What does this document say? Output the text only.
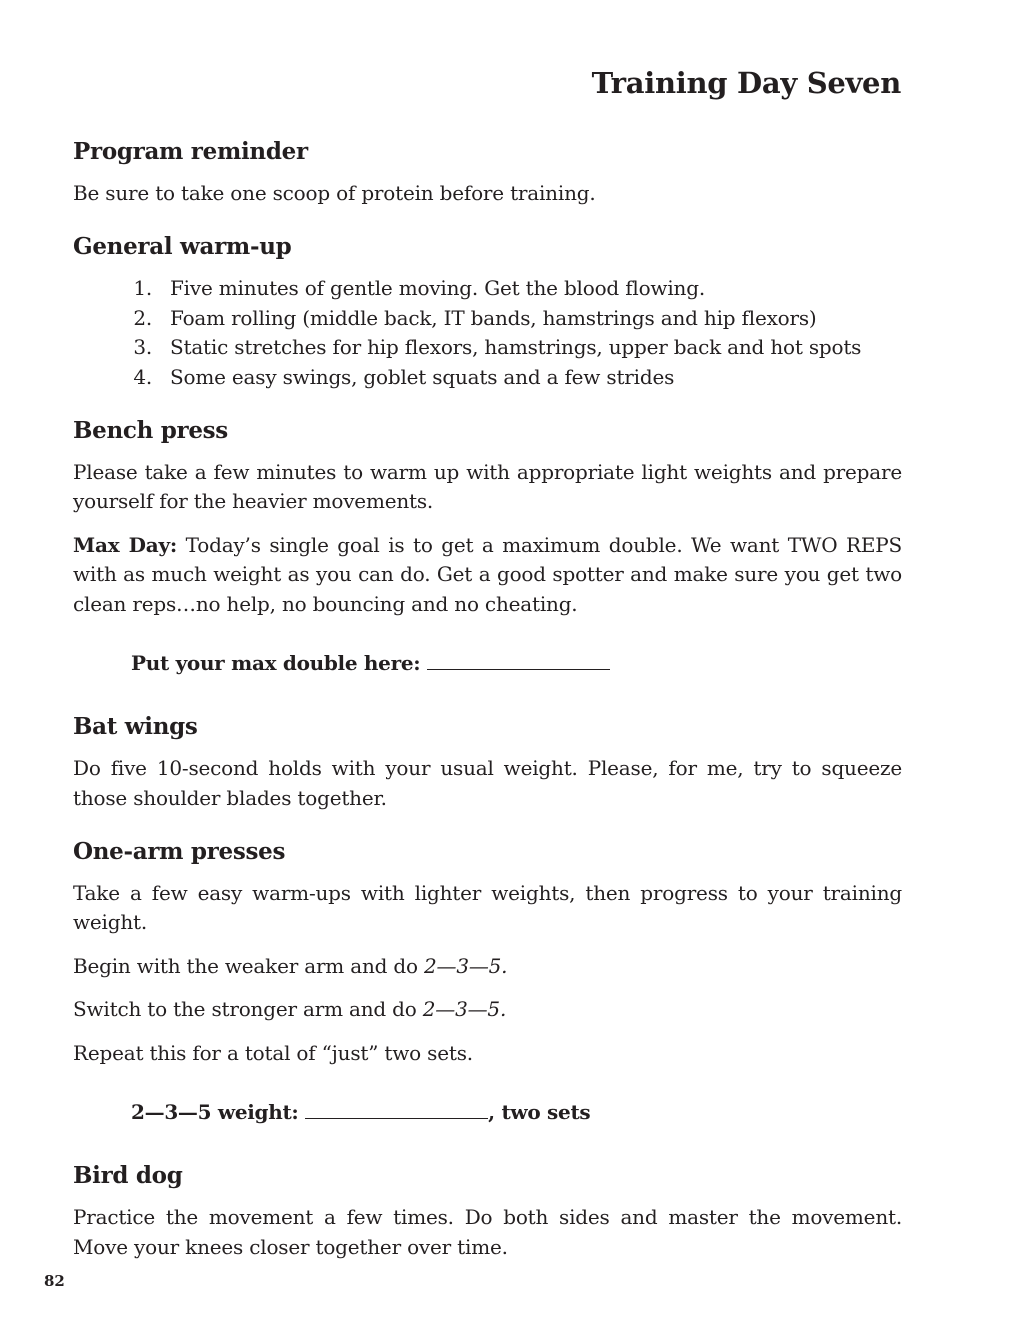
Training Day Seven
Program reminder

Be sure to take one scoop of protein before training.

General warm-up
1. Five minutes of gentle moving. Get the blood flowing.
2. Foam rolling (middle back, IT bands, hamstrings and hip flexors)
3. Static stretches for hip flexors, hamstrings, upper back and hot spots
4. Some easy swings, goblet squats and a few strides
Bench press

Please take a few minutes to warm up with appropriate light weights and prepare yourself for the heavier movements.

Max Day: Today’s single goal is to get a maximum double. We want TWO REPS with as much weight as you can do. Get a good spotter and make sure you get two clean reps…no help, no bouncing and no cheating.

Put your max double here:
Bat wings

Do five 10-second holds with your usual weight. Please, for me, try to squeeze those shoulder blades together.

One-arm presses

Take a few easy warm-ups with lighter weights, then progress to your training weight.

Begin with the weaker arm and do 2—3—5.

Switch to the stronger arm and do 2—3—5.

Repeat this for a total of “just” two sets.

2—3—5 weight:	, two sets
Bird dog

Practice the movement a few times. Do both sides and master the movement. Move your knees closer together over time.

82
